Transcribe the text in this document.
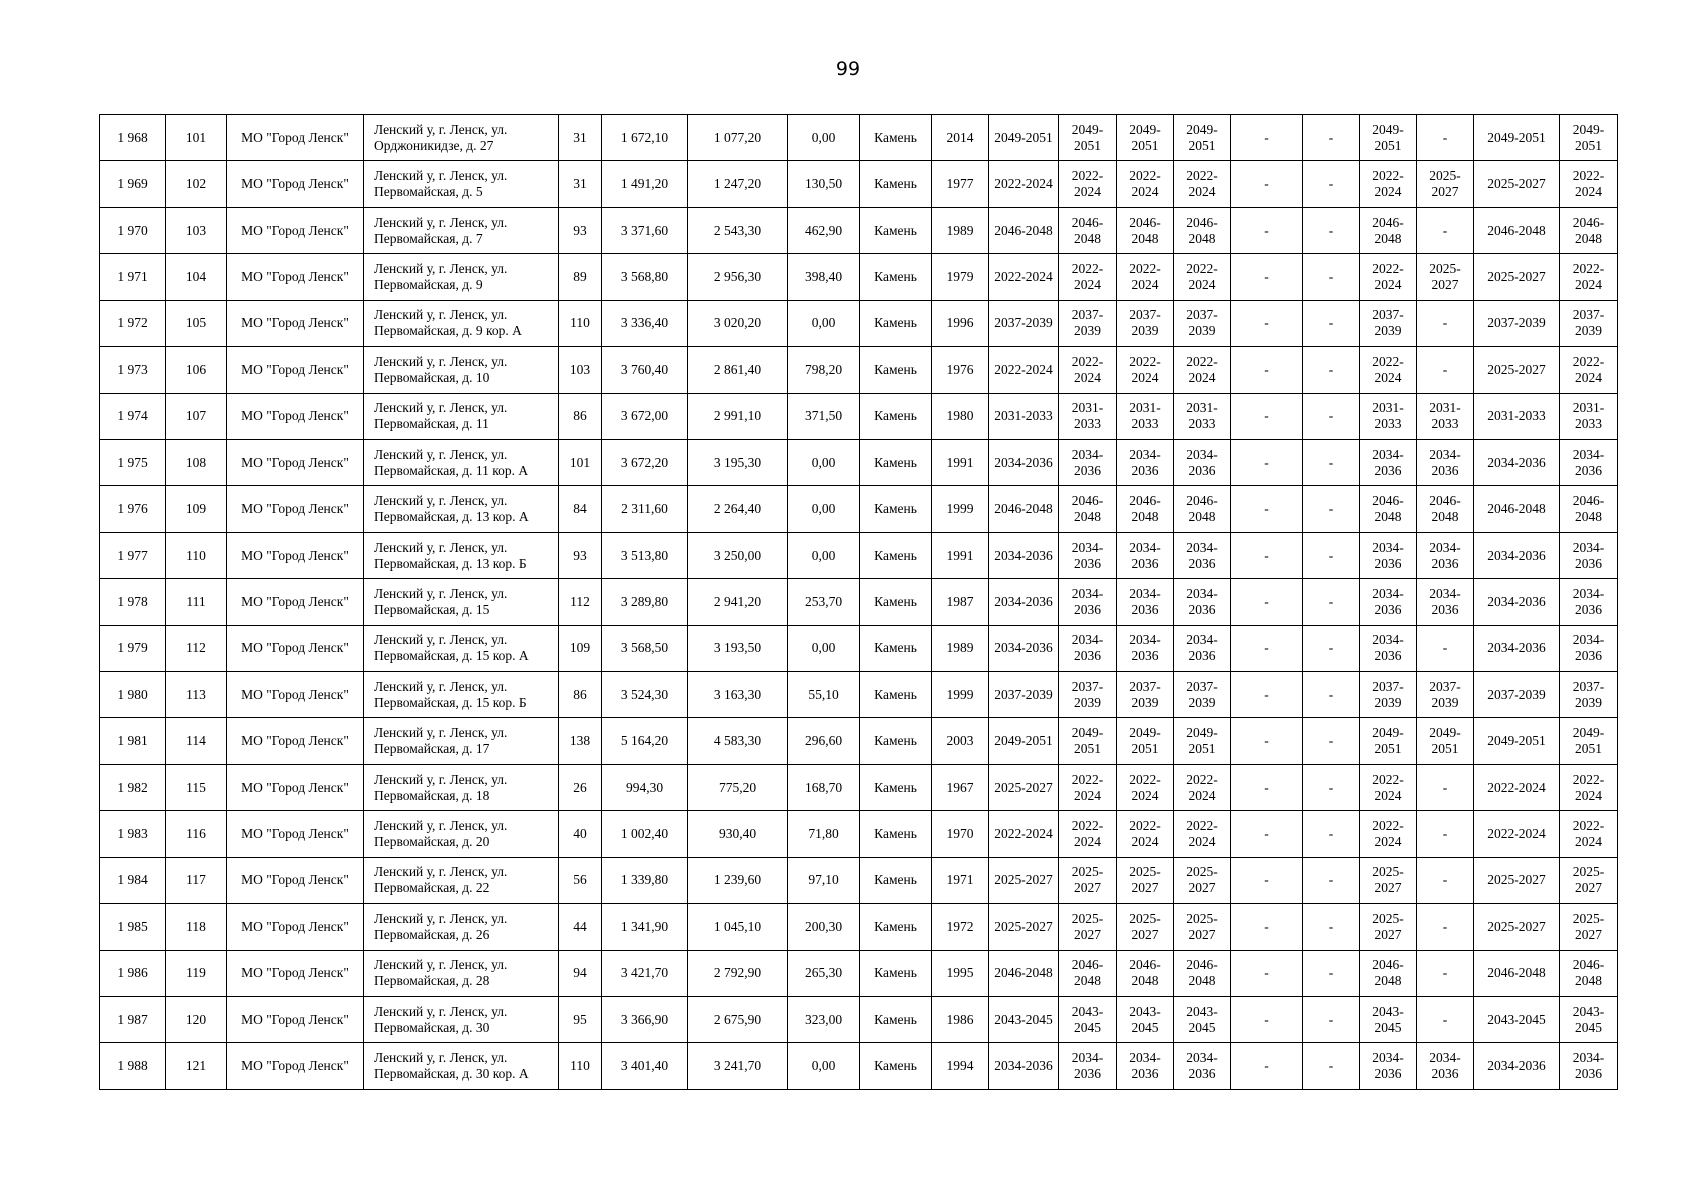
99
1 968	101	МО "Город Ленск"	Ленский у, г. Ленск, ул. Орджоникидзе, д. 27	31	1 672,10	1 077,20	0,00	Камень	2014	2049-2051	2049-2051	2049-2051	2049-2051	-	-	2049-2051	-	2049-2051	2049-2051
1 969	102	МО "Город Ленск"	Ленский у, г. Ленск, ул. Первомайская, д. 5	31	1 491,20	1 247,20	130,50	Камень	1977	2022-2024	2022-2024	2022-2024	2022-2024	-	-	2022-2024	2025-2027	2025-2027	2022-2024
1 970	103	МО "Город Ленск"	Ленский у, г. Ленск, ул. Первомайская, д. 7	93	3 371,60	2 543,30	462,90	Камень	1989	2046-2048	2046-2048	2046-2048	2046-2048	-	-	2046-2048	-	2046-2048	2046-2048
1 971	104	МО "Город Ленск"	Ленский у, г. Ленск, ул. Первомайская, д. 9	89	3 568,80	2 956,30	398,40	Камень	1979	2022-2024	2022-2024	2022-2024	2022-2024	-	-	2022-2024	2025-2027	2025-2027	2022-2024
1 972	105	МО "Город Ленск"	Ленский у, г. Ленск, ул. Первомайская, д. 9 кор. А	110	3 336,40	3 020,20	0,00	Камень	1996	2037-2039	2037-2039	2037-2039	2037-2039	-	-	2037-2039	-	2037-2039	2037-2039
1 973	106	МО "Город Ленск"	Ленский у, г. Ленск, ул. Первомайская, д. 10	103	3 760,40	2 861,40	798,20	Камень	1976	2022-2024	2022-2024	2022-2024	2022-2024	-	-	2022-2024	-	2025-2027	2022-2024
1 974	107	МО "Город Ленск"	Ленский у, г. Ленск, ул. Первомайская, д. 11	86	3 672,00	2 991,10	371,50	Камень	1980	2031-2033	2031-2033	2031-2033	2031-2033	-	-	2031-2033	2031-2033	2031-2033	2031-2033
1 975	108	МО "Город Ленск"	Ленский у, г. Ленск, ул. Первомайская, д. 11 кор. А	101	3 672,20	3 195,30	0,00	Камень	1991	2034-2036	2034-2036	2034-2036	2034-2036	-	-	2034-2036	2034-2036	2034-2036	2034-2036
1 976	109	МО "Город Ленск"	Ленский у, г. Ленск, ул. Первомайская, д. 13 кор. А	84	2 311,60	2 264,40	0,00	Камень	1999	2046-2048	2046-2048	2046-2048	2046-2048	-	-	2046-2048	2046-2048	2046-2048	2046-2048
1 977	110	МО "Город Ленск"	Ленский у, г. Ленск, ул. Первомайская, д. 13 кор. Б	93	3 513,80	3 250,00	0,00	Камень	1991	2034-2036	2034-2036	2034-2036	2034-2036	-	-	2034-2036	2034-2036	2034-2036	2034-2036
1 978	111	МО "Город Ленск"	Ленский у, г. Ленск, ул. Первомайская, д. 15	112	3 289,80	2 941,20	253,70	Камень	1987	2034-2036	2034-2036	2034-2036	2034-2036	-	-	2034-2036	2034-2036	2034-2036	2034-2036
1 979	112	МО "Город Ленск"	Ленский у, г. Ленск, ул. Первомайская, д. 15 кор. А	109	3 568,50	3 193,50	0,00	Камень	1989	2034-2036	2034-2036	2034-2036	2034-2036	-	-	2034-2036	-	2034-2036	2034-2036
1 980	113	МО "Город Ленск"	Ленский у, г. Ленск, ул. Первомайская, д. 15 кор. Б	86	3 524,30	3 163,30	55,10	Камень	1999	2037-2039	2037-2039	2037-2039	2037-2039	-	-	2037-2039	2037-2039	2037-2039	2037-2039
1 981	114	МО "Город Ленск"	Ленский у, г. Ленск, ул. Первомайская, д. 17	138	5 164,20	4 583,30	296,60	Камень	2003	2049-2051	2049-2051	2049-2051	2049-2051	-	-	2049-2051	2049-2051	2049-2051	2049-2051
1 982	115	МО "Город Ленск"	Ленский у, г. Ленск, ул. Первомайская, д. 18	26	994,30	775,20	168,70	Камень	1967	2025-2027	2022-2024	2022-2024	2022-2024	-	-	2022-2024	-	2022-2024	2022-2024
1 983	116	МО "Город Ленск"	Ленский у, г. Ленск, ул. Первомайская, д. 20	40	1 002,40	930,40	71,80	Камень	1970	2022-2024	2022-2024	2022-2024	2022-2024	-	-	2022-2024	-	2022-2024	2022-2024
1 984	117	МО "Город Ленск"	Ленский у, г. Ленск, ул. Первомайская, д. 22	56	1 339,80	1 239,60	97,10	Камень	1971	2025-2027	2025-2027	2025-2027	2025-2027	-	-	2025-2027	-	2025-2027	2025-2027
1 985	118	МО "Город Ленск"	Ленский у, г. Ленск, ул. Первомайская, д. 26	44	1 341,90	1 045,10	200,30	Камень	1972	2025-2027	2025-2027	2025-2027	2025-2027	-	-	2025-2027	-	2025-2027	2025-2027
1 986	119	МО "Город Ленск"	Ленский у, г. Ленск, ул. Первомайская, д. 28	94	3 421,70	2 792,90	265,30	Камень	1995	2046-2048	2046-2048	2046-2048	2046-2048	-	-	2046-2048	-	2046-2048	2046-2048
1 987	120	МО "Город Ленск"	Ленский у, г. Ленск, ул. Первомайская, д. 30	95	3 366,90	2 675,90	323,00	Камень	1986	2043-2045	2043-2045	2043-2045	2043-2045	-	-	2043-2045	-	2043-2045	2043-2045
1 988	121	МО "Город Ленск"	Ленский у, г. Ленск, ул. Первомайская, д. 30 кор. А	110	3 401,40	3 241,70	0,00	Камень	1994	2034-2036	2034-2036	2034-2036	2034-2036	-	-	2034-2036	2034-2036	2034-2036	2034-2036
